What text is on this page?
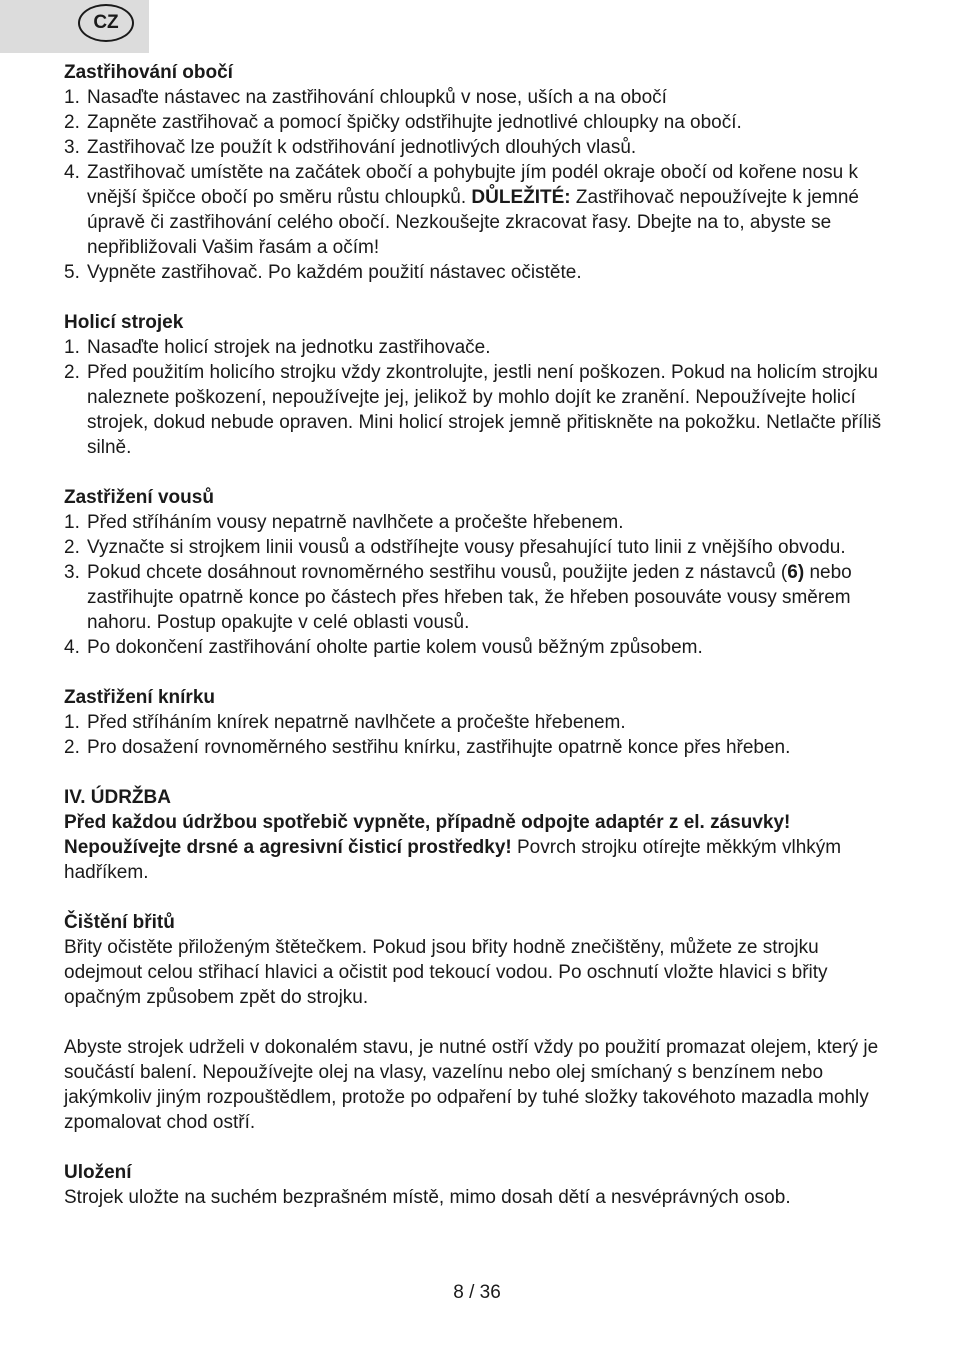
CZ
Zastřihování obočí
1. Nasaďte nástavec na zastřihování chloupků v nose, uších a na obočí
2. Zapněte zastřihovač a pomocí špičky odstřihujte jednotlivé chloupky na obočí.
3. Zastřihovač lze použít k odstřihování jednotlivých dlouhých vlasů.
4. Zastřihovač umístěte na začátek obočí a pohybujte jím podél okraje obočí od kořene nosu k vnější špičce obočí po směru růstu chloupků. DŮLEŽITÉ: Zastřihovač nepoužívejte k jemné úpravě či zastřihování celého obočí. Nezkoušejte zkracovat řasy. Dbejte na to, abyste se nepřibližovali Vašim řasám a očím!
5. Vypněte zastřihovač. Po každém použití nástavec očistěte.
Holicí strojek
1. Nasaďte holicí strojek na jednotku zastřihovače.
2. Před použitím holicího strojku vždy zkontrolujte, jestli není poškozen. Pokud na holicím strojku naleznete poškození, nepoužívejte jej, jelikož by mohlo dojít ke zranění. Nepoužívejte holicí strojek, dokud nebude opraven. Mini holicí strojek jemně přitiskněte na pokožku. Netlačte příliš silně.
Zastřižení vousů
1. Před stříháním vousy nepatrně navlhčete a pročešte hřebenem.
2. Vyznačte si strojkem linii vousů a odstříhejte vousy přesahující tuto linii z vnějšího obvodu.
3. Pokud chcete dosáhnout rovnoměrného sestřihu vousů, použijte jeden z nástavců (6) nebo zastřihujte opatrně konce po částech přes hřeben tak, že hřeben posouváte vousy směrem nahoru. Postup opakujte v celé oblasti vousů.
4. Po dokončení zastřihování oholte partie kolem vousů běžným způsobem.
Zastřižení knírku
1. Před stříháním knírek nepatrně navlhčete a pročešte hřebenem.
2. Pro dosažení rovnoměrného sestřihu knírku, zastřihujte opatrně konce přes hřeben.
IV. ÚDRŽBA

Před každou údržbou spotřebič vypněte, případně odpojte adaptér z el. zásuvky!

Nepoužívejte drsné a agresivní čisticí prostředky! Povrch strojku otírejte měkkým vlhkým hadříkem.

Čištění břitů

Břity očistěte přiloženým štětečkem. Pokud jsou břity hodně znečištěny, můžete ze strojku odejmout celou střihací hlavici a očistit pod tekoucí vodou. Po oschnutí vložte hlavici s břity opačným způsobem zpět do strojku.

Abyste strojek udrželi v dokonalém stavu, je nutné ostří vždy po použití promazat olejem, který je součástí balení. Nepoužívejte olej na vlasy, vazelínu nebo olej smíchaný s benzínem nebo jakýmkoliv jiným rozpouštědlem, protože po odpaření by tuhé složky takovéhoto mazadla mohly zpomalovat chod ostří.

Uložení

Strojek uložte na suchém bezprašném místě, mimo dosah dětí a nesvéprávných osob.

8 / 36
